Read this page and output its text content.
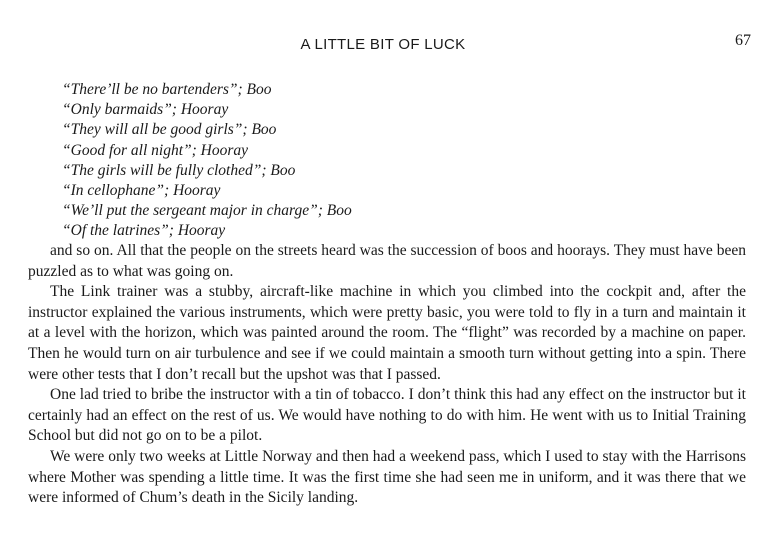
A LITTLE BIT OF LUCK	67
“There’ll be no bartenders”; Boo
“Only barmaids”; Hooray
“They will all be good girls”; Boo
“Good for all night”; Hooray
“The girls will be fully clothed”; Boo
“In cellophane”; Hooray
“We’ll put the sergeant major in charge”; Boo
“Of the latrines”; Hooray

and so on. All that the people on the streets heard was the succession of boos and hoorays. They must have been puzzled as to what was going on.

The Link trainer was a stubby, aircraft-like machine in which you climbed into the cockpit and, after the instructor explained the various instruments, which were pretty basic, you were told to fly in a turn and maintain it at a level with the horizon, which was painted around the room. The “flight” was recorded by a machine on paper. Then he would turn on air turbulence and see if we could maintain a smooth turn without getting into a spin. There were other tests that I don’t recall but the upshot was that I passed.

One lad tried to bribe the instructor with a tin of tobacco. I don’t think this had any effect on the instructor but it certainly had an effect on the rest of us. We would have nothing to do with him. He went with us to Initial Training School but did not go on to be a pilot.

We were only two weeks at Little Norway and then had a weekend pass, which I used to stay with the Harrisons where Mother was spending a little time. It was the first time she had seen me in uniform, and it was there that we were informed of Chum’s death in the Sicily landing.
